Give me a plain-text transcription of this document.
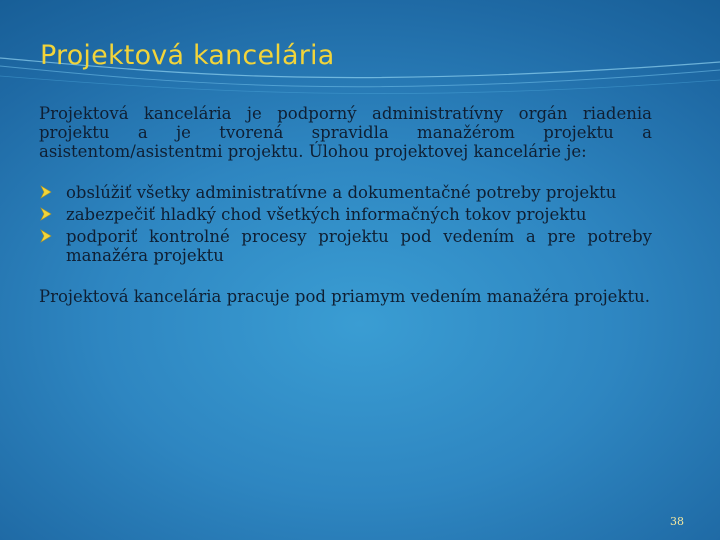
Projektová kancelária

Projektová kancelária je podporný administratívny orgán riadenia projektu a je tvorená spravidla manažérom projektu a asistentom/asistentmi projektu. Úlohou projektovej kancelárie je:

obslúžiť všetky administratívne a dokumentačné potreby projektu
zabezpečiť hladký chod všetkých informačných tokov projektu
podporiť kontrolné procesy projektu pod vedením a pre potreby manažéra projektu

Projektová kancelária pracuje pod priamym vedením manažéra projektu.

38
